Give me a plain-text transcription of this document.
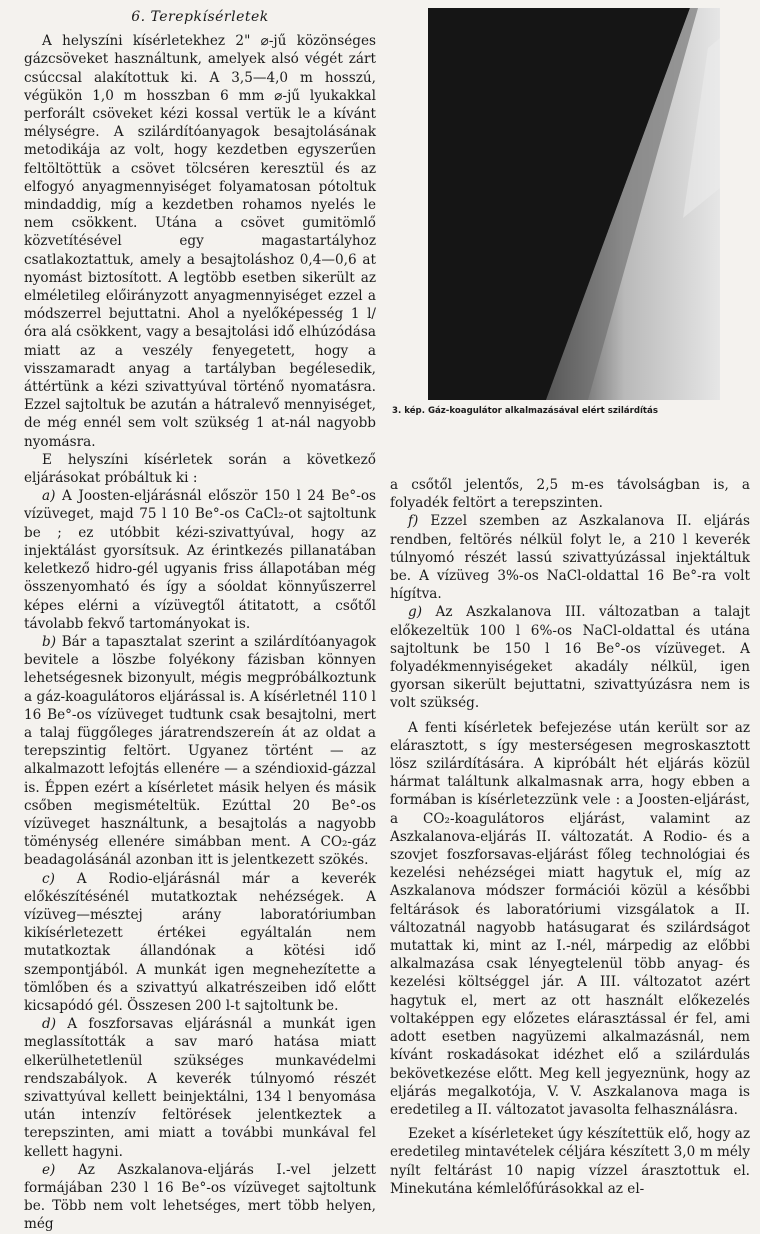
6. Terepkísérletek

A helyszíni kísérletekhez 2" ⌀-jű közönséges gázcsöveket használtunk, amelyek alsó végét zárt csúccsal alakítottuk ki. A 3,5—4,0 m hosszú, végükön 1,0 m hosszban 6 mm ⌀-jű lyukakkal perforált csöveket kézi kossal vertük le a kívánt mélységre. A szilárdítóanyagok besajtolásának metodikája az volt, hogy kezdetben egyszerűen feltöltöttük a csövet tölcséren keresztül és az elfogyó anyagmennyiséget folyamatosan pótoltuk mindaddig, míg a kezdetben rohamos nyelés le nem csökkent. Utána a csövet gumitömlő közvetítésével egy magastartályhoz csatlakoztattuk, amely a besajtoláshoz 0,4—0,6 at nyomást biztosított. A legtöbb esetben sikerült az elméletileg előirányzott anyagmennyiséget ezzel a módszerrel bejuttatni. Ahol a nyelőképesség 1 l/óra alá csökkent, vagy a besajtolási idő elhúzódása miatt az a veszély fenyegetett, hogy a visszamaradt anyag a tartályban begélesedik, áttértünk a kézi szivattyúval történő nyomatásra. Ezzel sajtoltuk be azután a hátralevő mennyiséget, de még ennél sem volt szükség 1 at-nál nagyobb nyomásra.

E helyszíni kísérletek során a következő eljárásokat próbáltuk ki :

a) A Joosten-eljárásnál először 150 l 24 Be°-os vízüveget, majd 75 l 10 Be°-os CaCl₂-ot sajtoltunk be ; ez utóbbit kézi-szivattyúval, hogy az injektálást gyorsítsuk. Az érintkezés pillanatában keletkező hidro-gél ugyanis friss állapotában még összenyomható és így a sóoldat könnyűszerrel képes elérni a vízüvegtől átitatott, a csőtől távolabb fekvő tartományokat is.

b) Bár a tapasztalat szerint a szilárdítóanyagok bevitele a löszbe folyékony fázisban könnyen lehetségesnek bizonyult, mégis megpróbálkoztunk a gáz-koagulátoros eljárással is. A kísérletnél 110 l 16 Be°-os vízüveget tudtunk csak besajtolni, mert a talaj függőleges járatrendszereín át az oldat a terepszintig feltört. Ugyanez történt — az alkalmazott lefojtás ellenére — a széndioxid-gázzal is. Éppen ezért a kísérletet másik helyen és másik csőben megismételtük. Ezúttal 20 Be°-os vízüveget használtunk, a besajtolás a nagyobb töménység ellenére simábban ment. A CO₂-gáz beadagolásánál azonban itt is jelentkezett szökés.

c) A Rodio-eljárásnál már a keverék előkészítésénél mutatkoztak nehézségek. A vízüveg—mésztej arány laboratóriumban kikísérletezett értékei egyáltalán nem mutatkoztak állandónak a kötési idő szempontjából. A munkát igen megnehezítette a tömlőben és a szivattyú alkatrészeiben idő előtt kicsapódó gél. Összesen 200 l-t sajtoltunk be.

d) A foszforsavas eljárásnál a munkát igen meglassították a sav maró hatása miatt elkerülhetetlenül szükséges munkavédelmi rendszabályok. A keverék túlnyomó részét szivattyúval kellett beinjektálni, 134 l benyomása után intenzív feltörések jelentkeztek a terepszinten, ami miatt a további munkával fel kellett hagyni.

e) Az Aszkalanova-eljárás I.-vel jelzett formájában 230 l 16 Be°-os vízüveget sajtoltunk be. Több nem volt lehetséges, mert több helyen, még

3. kép. Gáz-koagulátor alkalmazásával elért szilárdítás

a csőtől jelentős, 2,5 m-es távolságban is, a folyadék feltört a terepszinten.

f) Ezzel szemben az Aszkalanova II. eljárás rendben, feltörés nélkül folyt le, a 210 l keverék túlnyomó részét lassú szivattyúzással injektáltuk be. A vízüveg 3%-os NaCl-oldattal 16 Be°-ra volt hígítva.

g) Az Aszkalanova III. változatban a talajt előkezeltük 100 l 6%-os NaCl-oldattal és utána sajtoltunk be 150 l 16 Be°-os vízüveget. A folyadékmennyiségeket akadály nélkül, igen gyorsan sikerült bejuttatni, szivattyúzásra nem is volt szükség.

A fenti kísérletek befejezése után került sor az elárasztott, s így mesterségesen megroskasztott lösz szilárdítására. A kipróbált hét eljárás közül hármat találtunk alkalmasnak arra, hogy ebben a formában is kísérletezzünk vele : a Joosten-eljárást, a CO₂-koagulátoros eljárást, valamint az Aszkalanova-eljárás II. változatát. A Rodio- és a szovjet foszforsavas-eljárást főleg technológiai és kezelési nehézségei miatt hagytuk el, míg az Aszkalanova módszer formációi közül a későbbi feltárások és laboratóriumi vizsgálatok a II. változatnál nagyobb hatásugarat és szilárdságot mutattak ki, mint az I.-nél, márpedig az előbbi alkalmazása csak lényegtelenül több anyag- és kezelési költséggel jár. A III. változatot azért hagytuk el, mert az ott használt előkezelés voltaképpen egy előzetes elárasztással ér fel, ami adott esetben nagyüzemi alkalmazásnál, nem kívánt roskadásokat idézhet elő a szilárdulás bekövetkezése előtt. Meg kell jegyeznünk, hogy az eljárás megalkotója, V. V. Aszkalanova maga is eredetileg a II. változatot javasolta felhasználásra.

Ezeket a kísérleteket úgy készítettük elő, hogy az eredetileg mintavételek céljára készített 3,0 m mély nyílt feltárást 10 napig vízzel árasztottuk el. Minekutána kémlelőfúrásokkal az el-
